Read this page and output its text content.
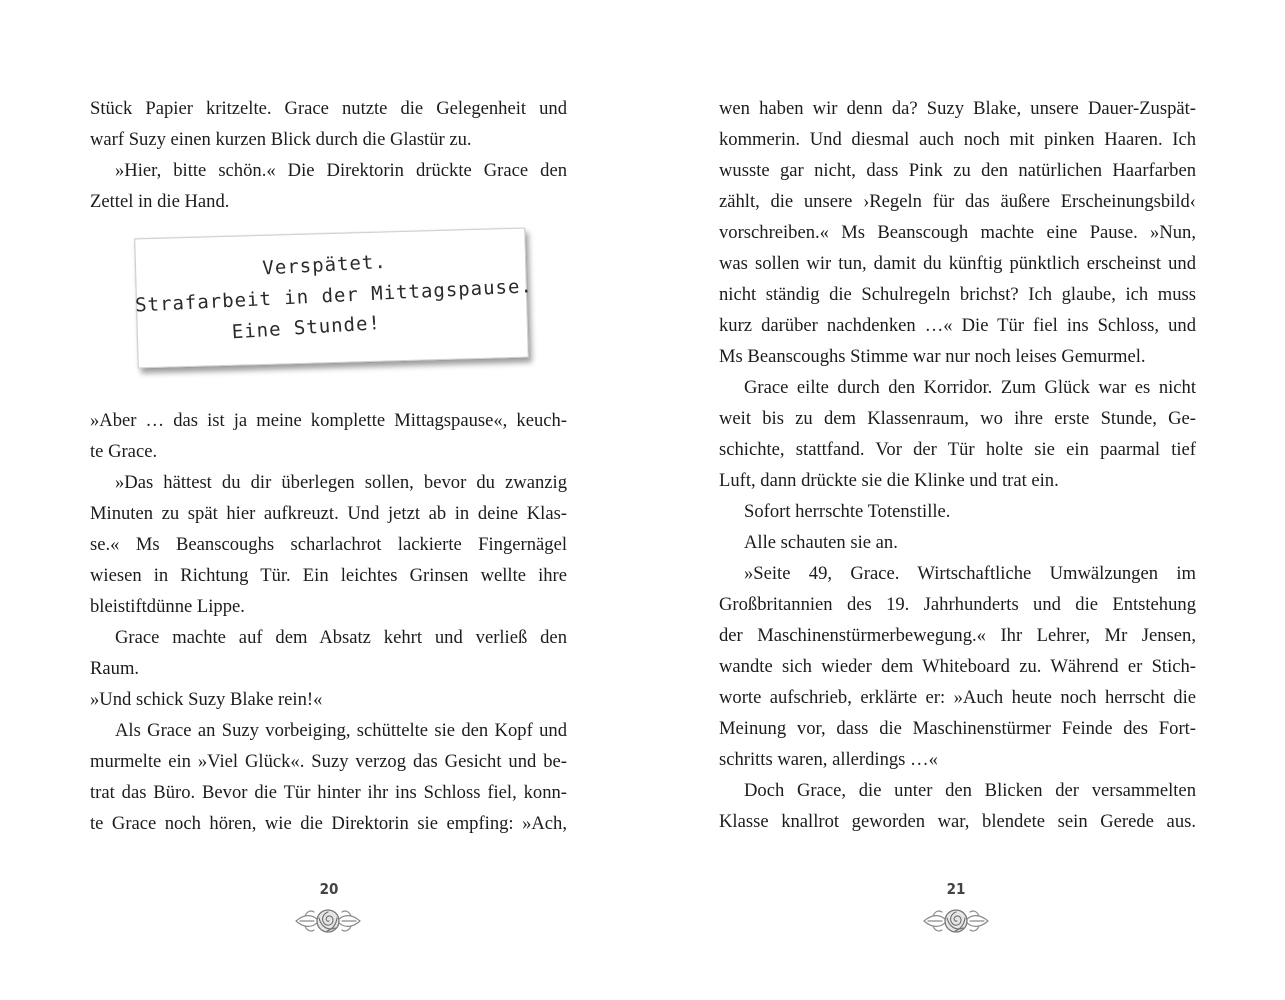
Stück Papier kritzelte. Grace nutzte die Gelegenheit und
warf Suzy einen kurzen Blick durch die Glastür zu.
»Hier, bitte schön.« Die Direktorin drückte Grace den
Zettel in die Hand.
Verspätet.
Strafarbeit in der Mittagspause.
Eine Stunde!
»Aber … das ist ja meine komplette Mittagspause«, keuch-
te Grace.
»Das hättest du dir überlegen sollen, bevor du zwanzig
Minuten zu spät hier aufkreuzt. Und jetzt ab in deine Klas-
se.« Ms Beanscoughs scharlachrot lackierte Fingernägel
wiesen in Richtung Tür. Ein leichtes Grinsen wellte ihre
bleistiftdünne Lippe.
Grace machte auf dem Absatz kehrt und verließ den
Raum.
»Und schick Suzy Blake rein!«
Als Grace an Suzy vorbeiging, schüttelte sie den Kopf und
murmelte ein »Viel Glück«. Suzy verzog das Gesicht und be-
trat das Büro. Bevor die Tür hinter ihr ins Schloss fiel, konn-
te Grace noch hören, wie die Direktorin sie empfing: »Ach,
20
wen haben wir denn da? Suzy Blake, unsere Dauer-Zuspät-
kommerin. Und diesmal auch noch mit pinken Haaren. Ich
wusste gar nicht, dass Pink zu den natürlichen Haarfarben
zählt, die unsere ›Regeln für das äußere Erscheinungsbild‹
vorschreiben.« Ms Beanscough machte eine Pause. »Nun,
was sollen wir tun, damit du künftig pünktlich erscheinst und
nicht ständig die Schulregeln brichst? Ich glaube, ich muss
kurz darüber nachdenken …« Die Tür fiel ins Schloss, und
Ms Beanscoughs Stimme war nur noch leises Gemurmel.
Grace eilte durch den Korridor. Zum Glück war es nicht
weit bis zu dem Klassenraum, wo ihre erste Stunde, Ge-
schichte, stattfand. Vor der Tür holte sie ein paarmal tief
Luft, dann drückte sie die Klinke und trat ein.
Sofort herrschte Totenstille.
Alle schauten sie an.
»Seite 49, Grace. Wirtschaftliche Umwälzungen im
Großbritannien des 19. Jahrhunderts und die Entstehung
der Maschinenstürmerbewegung.« Ihr Lehrer, Mr Jensen,
wandte sich wieder dem Whiteboard zu. Während er Stich-
worte aufschrieb, erklärte er: »Auch heute noch herrscht die
Meinung vor, dass die Maschinenstürmer Feinde des Fort-
schritts waren, allerdings …«
Doch Grace, die unter den Blicken der versammelten
Klasse knallrot geworden war, blendete sein Gerede aus.
21
